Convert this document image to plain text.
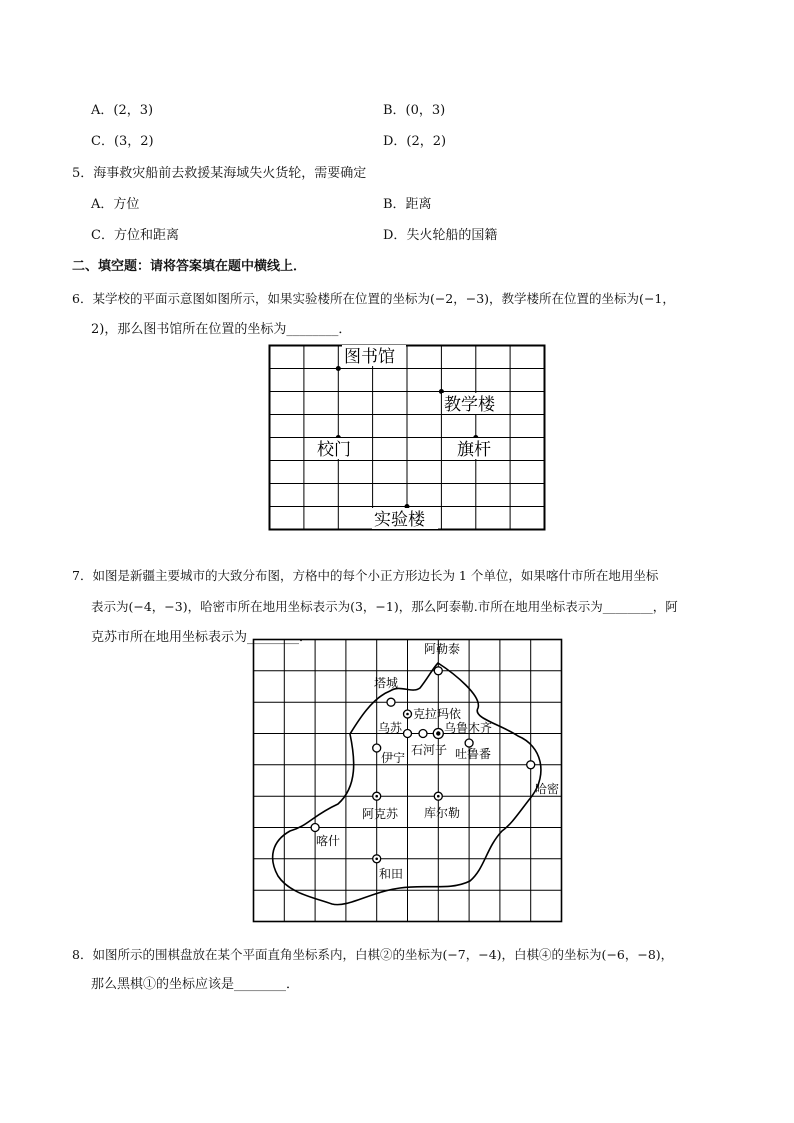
A．(2，3)	B．(0，3)
C．(3，2)	D．(2，2)
5．海事救灾船前去救援某海域失火货轮，需要确定
A．方位	B．距离
C．方位和距离	D．失火轮船的国籍
二、填空题：请将答案填在题中横线上．
6．某学校的平面示意图如图所示，如果实验楼所在位置的坐标为(−2，−3)，教学楼所在位置的坐标为(−1，
2)，那么图书馆所在位置的坐标为________．
图书馆
教学楼
校门	旗杆
实验楼
7．如图是新疆主要城市的大致分布图，方格中的每个小正方形边长为 1 个单位，如果喀什市所在地用坐标
表示为(−4，−3)，哈密市所在地用坐标表示为(3，−1)，那么阿泰勒.市所在地用坐标表示为________，阿
克苏市所在地用坐标表示为________．
阿勒泰
塔城
克拉玛依
乌苏	乌鲁木齐
伊宁
石河子 吐鲁番
哈密
阿克苏 库尔勒
喀什
和田
8．如图所示的围棋盘放在某个平面直角坐标系内，白棋②的坐标为(−7，−4)，白棋④的坐标为(−6，−8)，
那么黑棋①的坐标应该是________．
